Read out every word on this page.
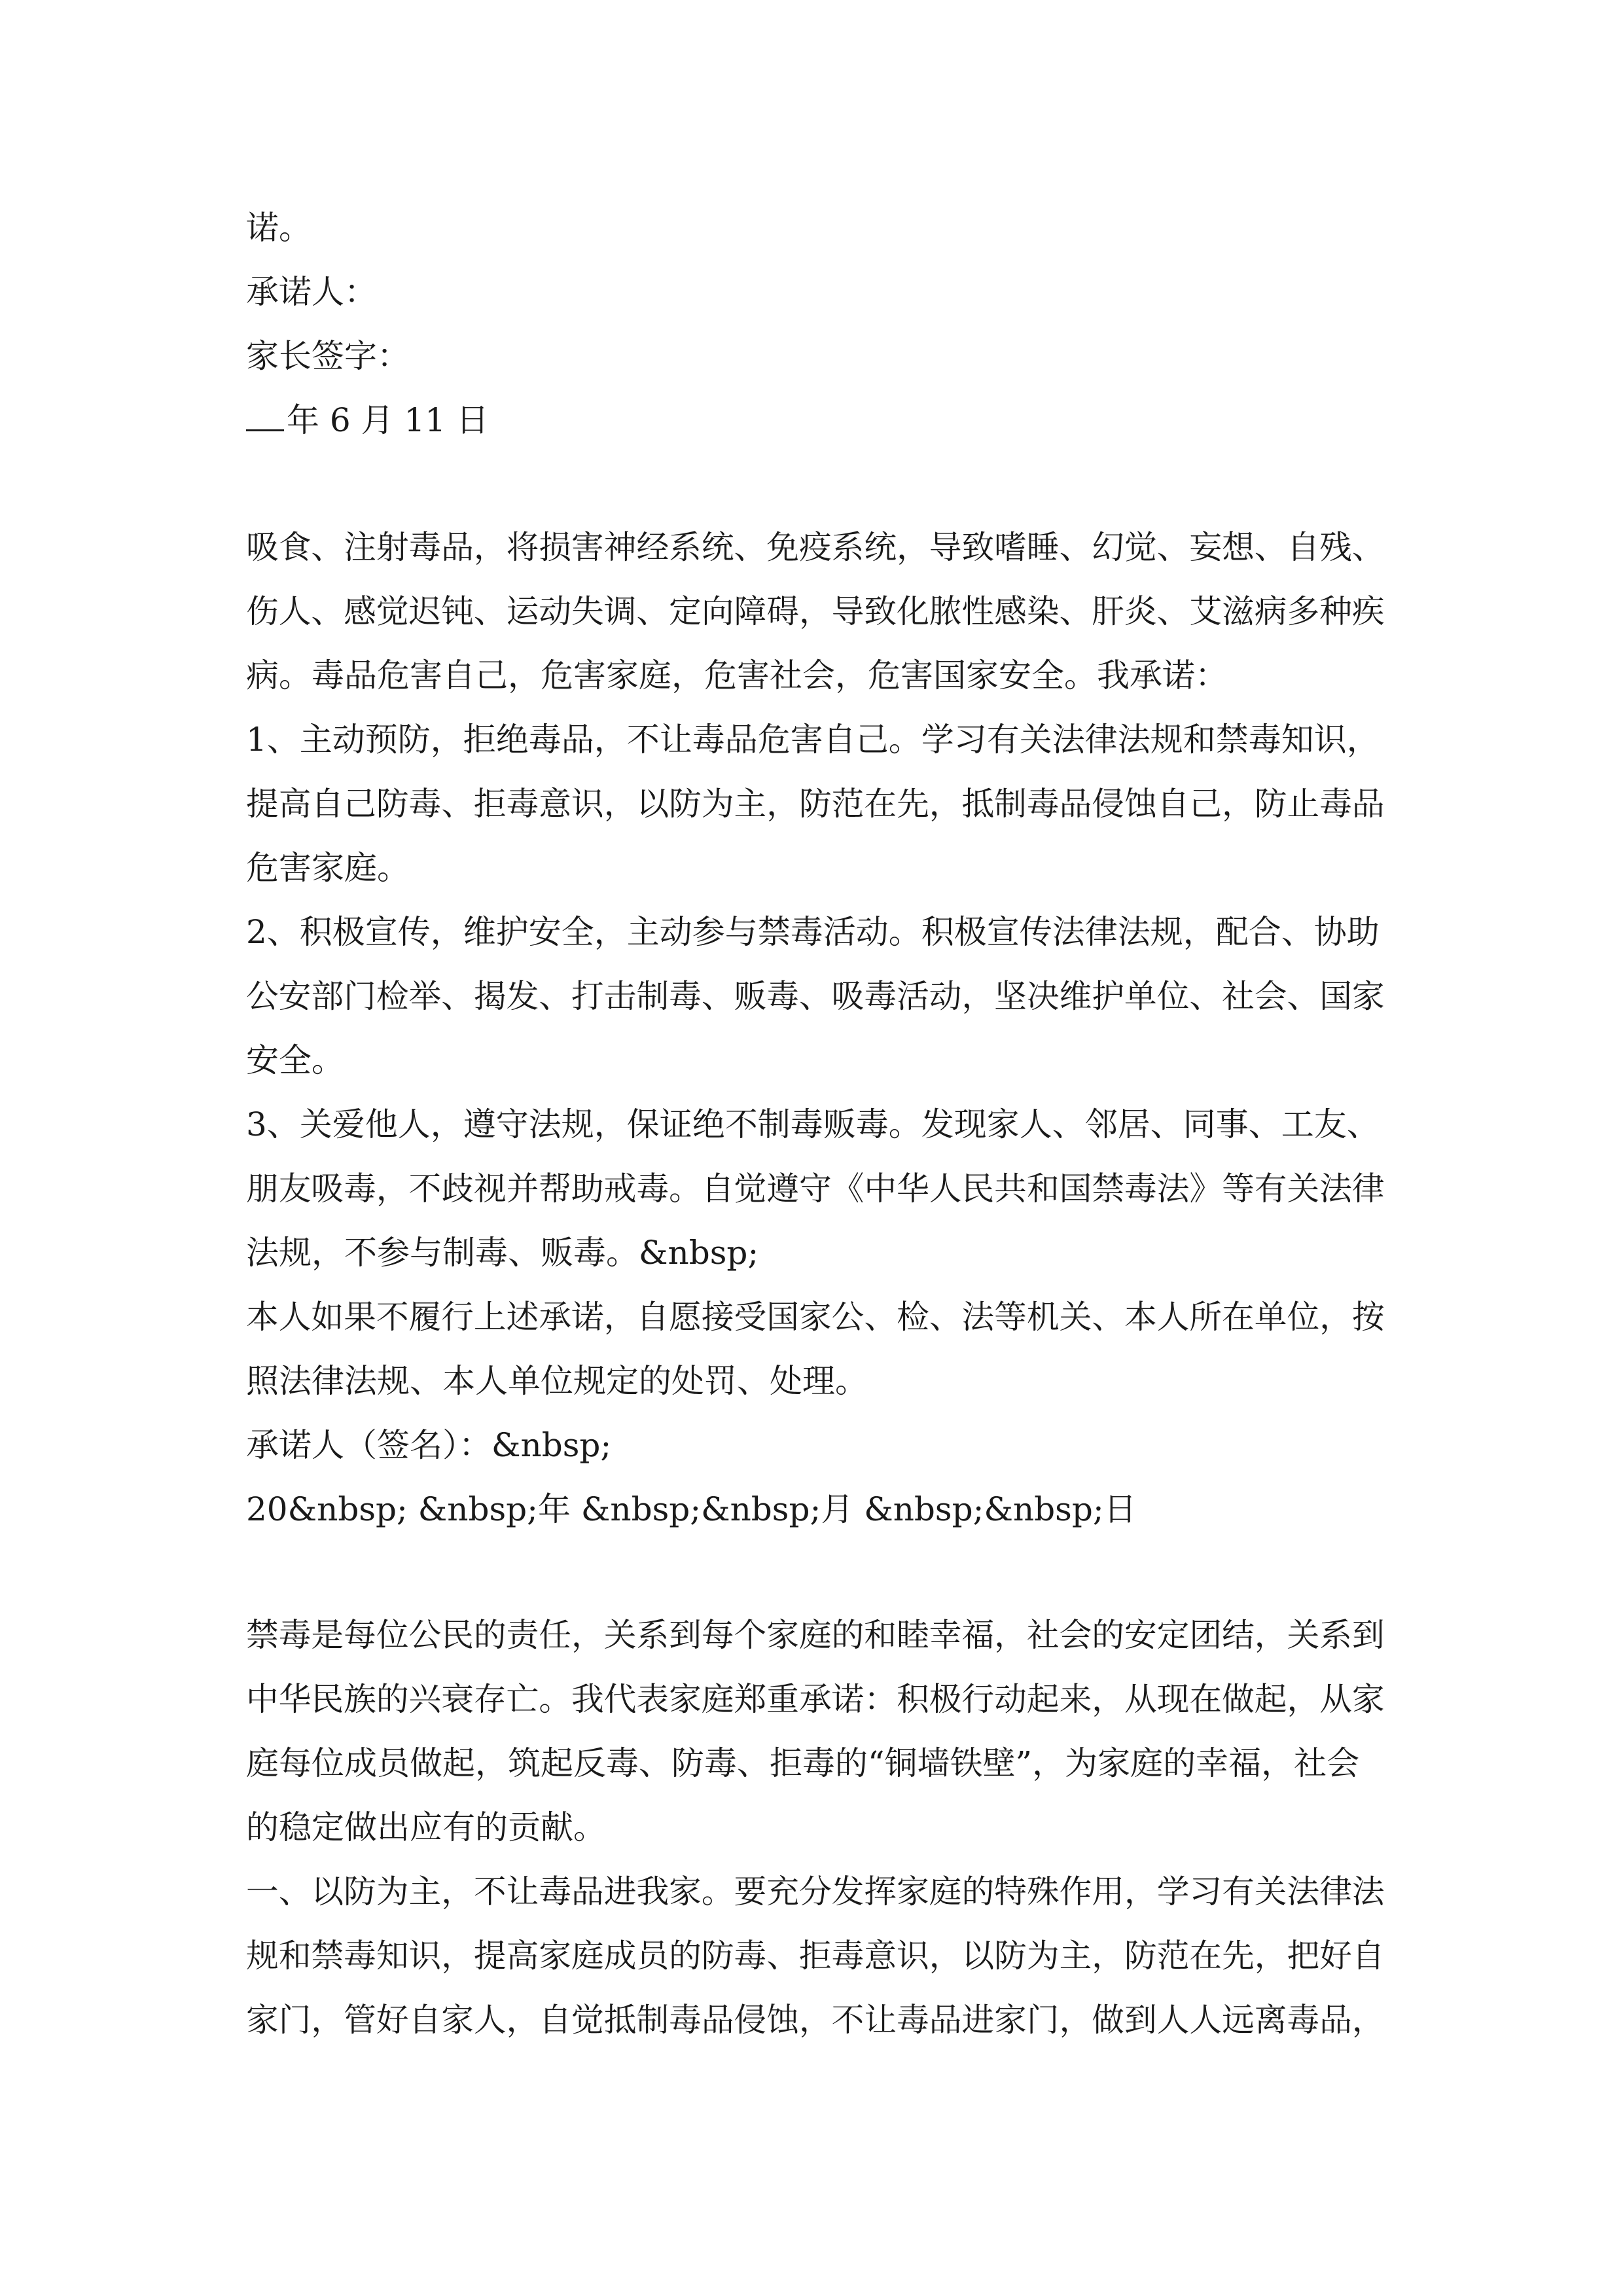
诺。
承诺人：
家长签字：
年 6 月 11 日
吸食、注射毒品，将损害神经系统、免疫系统，导致嗜睡、幻觉、妄想、自残、
伤人、感觉迟钝、运动失调、定向障碍，导致化脓性感染、肝炎、艾滋病多种疾
病。毒品危害自己，危害家庭，危害社会，危害国家安全。我承诺：
1、主动预防，拒绝毒品，不让毒品危害自己。学习有关法律法规和禁毒知识，
提高自己防毒、拒毒意识，以防为主，防范在先，抵制毒品侵蚀自己，防止毒品
危害家庭。
2、积极宣传，维护安全，主动参与禁毒活动。积极宣传法律法规，配合、协助
公安部门检举、揭发、打击制毒、贩毒、吸毒活动，坚决维护单位、社会、国家
安全。
3、关爱他人，遵守法规，保证绝不制毒贩毒。发现家人、邻居、同事、工友、
朋友吸毒，不歧视并帮助戒毒。自觉遵守《中华人民共和国禁毒法》等有关法律
法规，不参与制毒、贩毒。&nbsp;
本人如果不履行上述承诺，自愿接受国家公、检、法等机关、本人所在单位，按
照法律法规、本人单位规定的处罚、处理。
承诺人（签名）：&nbsp;
20&nbsp; &nbsp;年 &nbsp;&nbsp;月 &nbsp;&nbsp;日
禁毒是每位公民的责任，关系到每个家庭的和睦幸福，社会的安定团结，关系到
中华民族的兴衰存亡。我代表家庭郑重承诺：积极行动起来，从现在做起，从家
庭每位成员做起，筑起反毒、防毒、拒毒的“铜墙铁壁”，为家庭的幸福，社会
的稳定做出应有的贡献。
一、以防为主，不让毒品进我家。要充分发挥家庭的特殊作用，学习有关法律法
规和禁毒知识，提高家庭成员的防毒、拒毒意识，以防为主，防范在先，把好自
家门，管好自家人，自觉抵制毒品侵蚀，不让毒品进家门，做到人人远离毒品，
